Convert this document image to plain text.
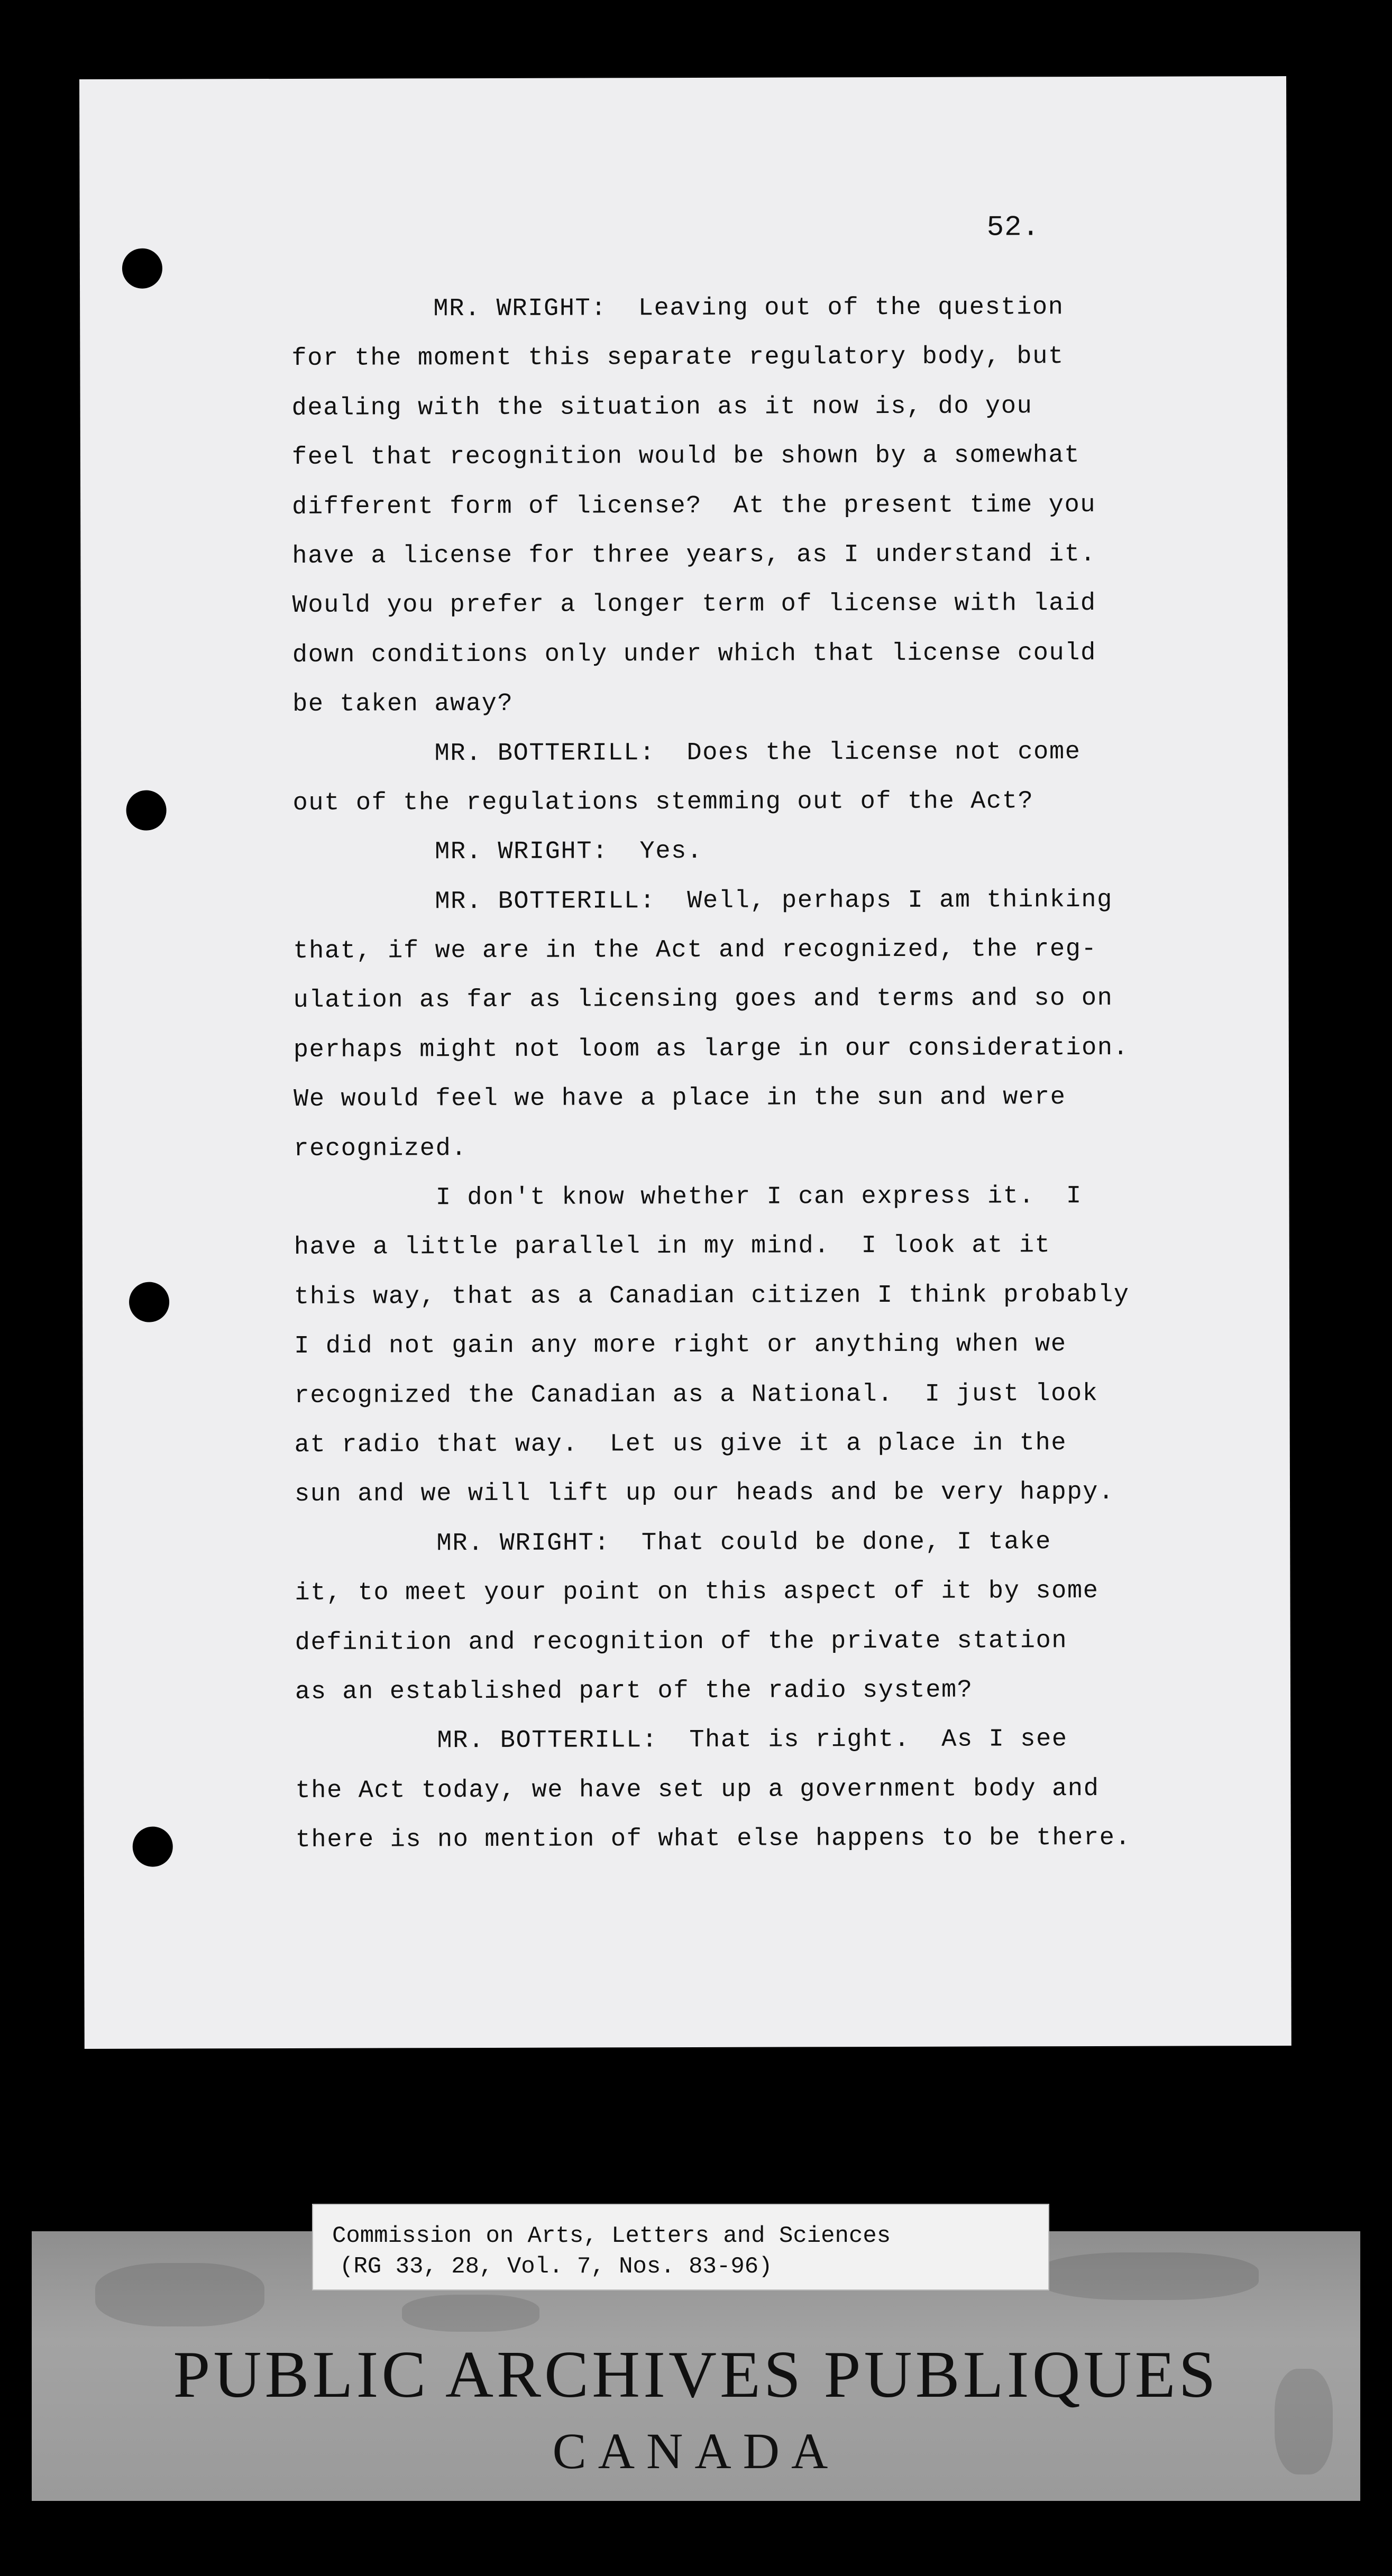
52.
MR. WRIGHT:  Leaving out of the question
for the moment this separate regulatory body, but
dealing with the situation as it now is, do you
feel that recognition would be shown by a somewhat
different form of license?  At the present time you
have a license for three years, as I understand it.
Would you prefer a longer term of license with laid
down conditions only under which that license could
be taken away?
MR. BOTTERILL:  Does the license not come
out of the regulations stemming out of the Act?
MR. WRIGHT:  Yes.
MR. BOTTERILL:  Well, perhaps I am thinking
that, if we are in the Act and recognized, the reg-
ulation as far as licensing goes and terms and so on
perhaps might not loom as large in our consideration.
We would feel we have a place in the sun and were
recognized.
I don't know whether I can express it.  I
have a little parallel in my mind.  I look at it
this way, that as a Canadian citizen I think probably
I did not gain any more right or anything when we
recognized the Canadian as a National.  I just look
at radio that way.  Let us give it a place in the
sun and we will lift up our heads and be very happy.
MR. WRIGHT:  That could be done, I take
it, to meet your point on this aspect of it by some
definition and recognition of the private station
as an established part of the radio system?
MR. BOTTERILL:  That is right.  As I see
the Act today, we have set up a government body and
there is no mention of what else happens to be there.
Commission on Arts, Letters and Sciences
(RG 33, 28, Vol. 7, Nos. 83-96)
PUBLIC ARCHIVES PUBLIQUES
CANADA
